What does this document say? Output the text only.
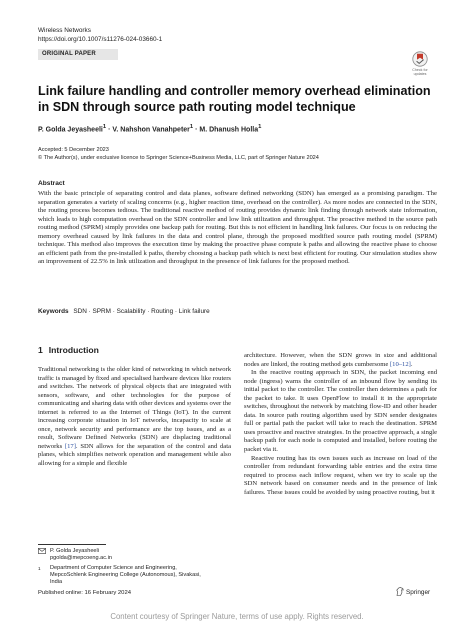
Wireless Networks
https://doi.org/10.1007/s11276-024-03660-1
ORIGINAL PAPER
Check for
updates
Link failure handling and controller memory overhead elimination in SDN through source path routing model technique
P. Golda Jeyasheeli$^1$ · V. Nahshon Vanahpeter$^1$ · M. Dhanush Holla$^1$
Accepted: 5 December 2023
© The Author(s), under exclusive licence to Springer Science+Business Media, LLC, part of Springer Nature 2024
Abstract

With the basic principle of separating control and data planes, software defined networking (SDN) has emerged as a promising paradigm. The separation generates a variety of scaling concerns (e.g., higher reaction time, overhead on the controller). As more nodes are connected in the SDN, the routing process becomes tedious. The traditional reactive method of routing provides dynamic link finding through network state information, which leads to high computation overhead on the SDN controller and low link utilization and throughput. The proactive method in the source path routing method (SPRM) simply provides one backup path for routing. But this is not efficient in handling link failures. Our focus is on reducing the memory overhead caused by link failures in the data and control plane, through the proposed modified source path routing model (SPRM) technique. This method also improves the execution time by making the proactive phase compute k paths and allowing the reactive phase to choose an efficient path from the pre-installed k paths, thereby choosing a backup path which is next best efficient for routing. Our simulation studies show an improvement of 22.5% in link utilization and throughput in the presence of link failures for the proposed method.

Keywords SDN · SPRM · Scalability · Routing · Link failure
1 Introduction

Traditional networking is the older kind of networking in which network traffic is managed by fixed and specialised hardware devices like routers and switches. The network of physical objects that are integrated with sensors, software, and other technologies for the purpose of communicating and sharing data with other devices and systems over the internet is referred to as the Internet of Things (IoT). In the current increasing corporate situation in IoT networks, incapacity to scale at once, network security and performance are the top issues, and as a result, Software Defined Networks (SDN) are displacing traditional networks [17]. SDN allows for the separation of the control and data planes, which simplifies network operation and management while also allowing for a simple and flexible

architecture. However, when the SDN grows in size and additional nodes are linked, the routing method gets cumbersome [10–12].

In the reactive routing approach in SDN, the packet incoming end node (ingress) warns the controller of an inbound flow by sending its initial packet to the controller. The controller then determines a path for the packet to take. It uses OpenFlow to install it in the appropriate switches, throughout the network by matching flow-ID and other header data. In source path routing algorithm used by SDN sender designates full or partial path the packet will take to reach the destination. SPRM uses proactive and reactive strategies. In the proactive approach, a single backup path for each node is computed and installed, before routing the packet via it.

Reactive routing has its own issues such as increase on load of the controller from redundant forwarding table entries and the extra time required to process each inflow request, when we try to scale up the SDN network based on consumer needs and in the presence of link failures. These issues could be avoided by using proactive routing, but it

P. Golda Jeyasheeli
pgolda@mepcoeng.ac.in
1 Department of Computer Science and Engineering,
MepcoSchlenk Engineering College (Autonomous), Sivakasi,
India
Published online: 16 February 2024	Springer
Content courtesy of Springer Nature, terms of use apply. Rights reserved.
